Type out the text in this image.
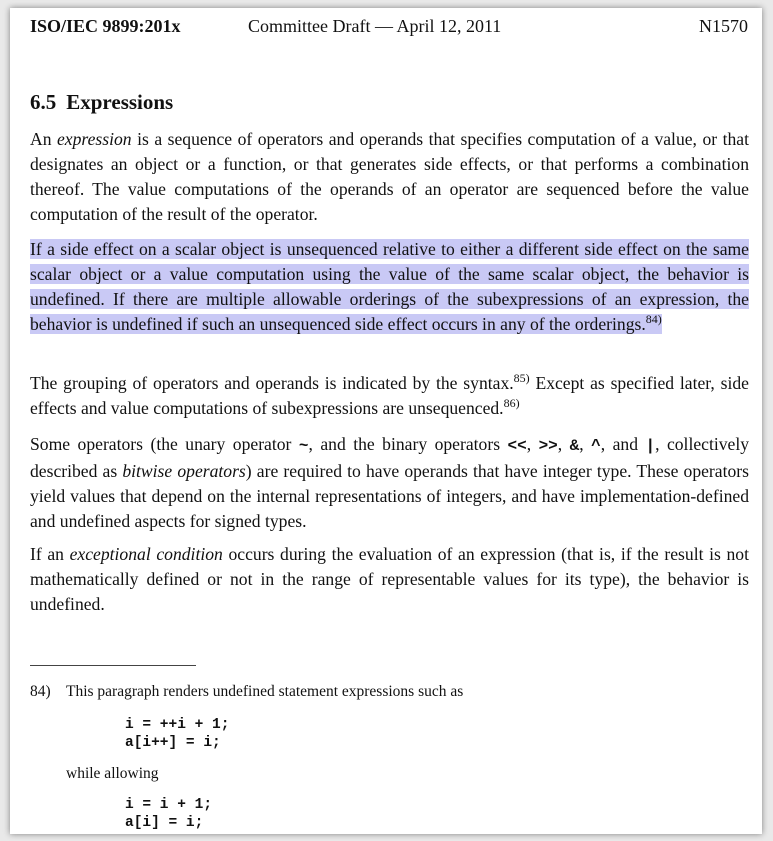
ISO/IEC 9899:201x	Committee Draft — April 12, 2011	N1570
6.5 Expressions

An expression is a sequence of operators and operands that specifies computation of a value, or that designates an object or a function, or that generates side effects, or that performs a combination thereof. The value computations of the operands of an operator are sequenced before the value computation of the result of the operator.

If a side effect on a scalar object is unsequenced relative to either a different side effect on the same scalar object or a value computation using the value of the same scalar object, the behavior is undefined. If there are multiple allowable orderings of the subexpressions of an expression, the behavior is undefined if such an unsequenced side effect occurs in any of the orderings.$^{84)}$

The grouping of operators and operands is indicated by the syntax.$^{85)}$ Except as specified later, side effects and value computations of subexpressions are unsequenced.$^{86)}$

Some operators (the unary operator ~, and the binary operators <<, >>, &, ^, and |, collectively described as bitwise operators) are required to have operands that have integer type. These operators yield values that depend on the internal representations of integers, and have implementation-defined and undefined aspects for signed types.

If an exceptional condition occurs during the evaluation of an expression (that is, if the result is not mathematically defined or not in the range of representable values for its type), the behavior is undefined.

84) This paragraph renders undefined statement expressions such as
i = ++i + 1;
a[i++] = i;
while allowing
i = i + 1;
a[i] = i;
